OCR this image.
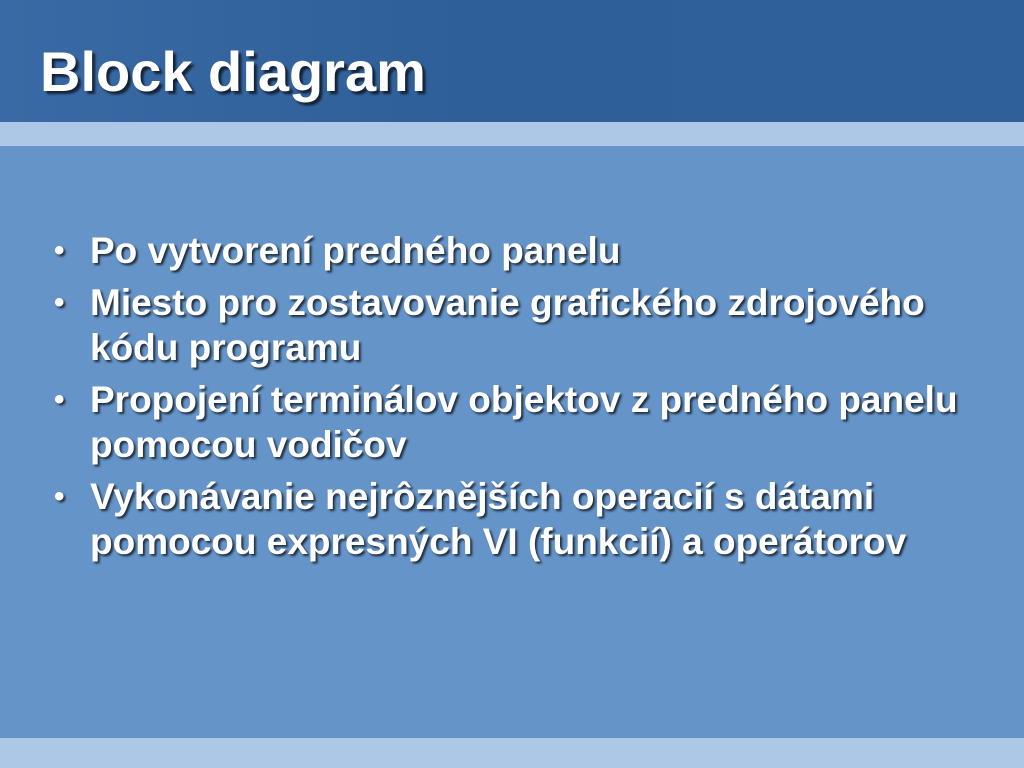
Block diagram
• Po vytvorení predného panelu
• Miesto pro zostavovanie grafického zdrojového kódu programu
• Propojení terminálov objektov z predného panelu pomocou vodičov
• Vykonávanie nejrôznějších operacií s dátami pomocou expresných VI (funkcií) a operátorov
